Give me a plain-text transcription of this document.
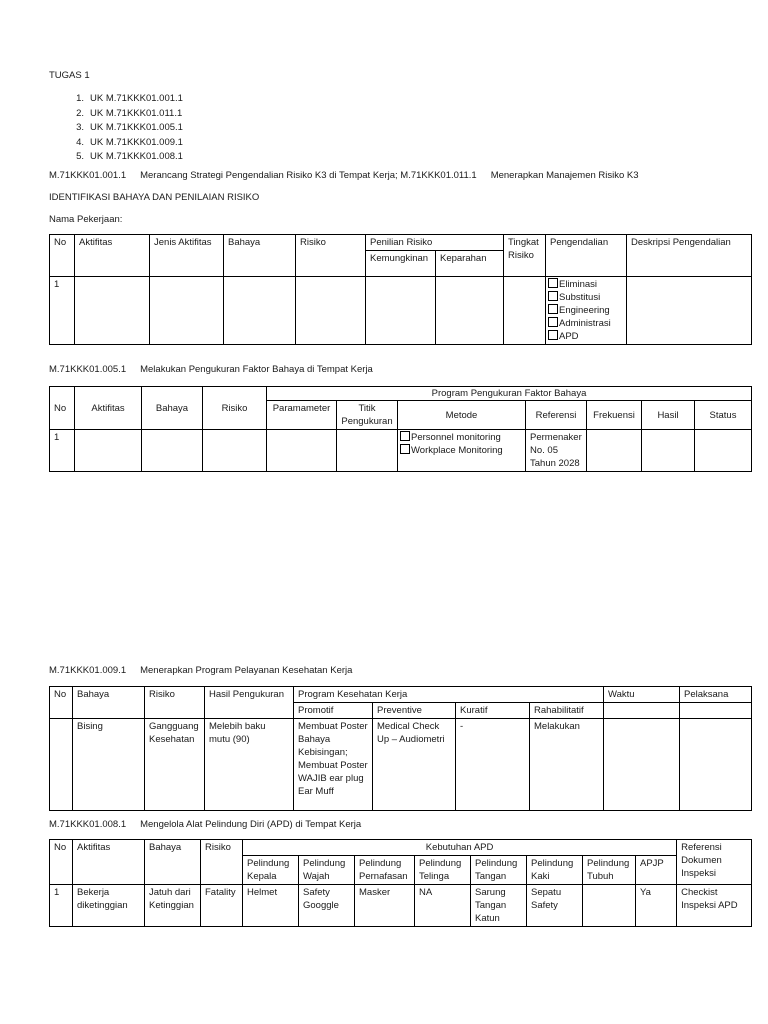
TUGAS 1
1. UK M.71KKK01.001.1
2. UK M.71KKK01.011.1
3. UK M.71KKK01.005.1
4. UK M.71KKK01.009.1
5. UK M.71KKK01.008.1
M.71KKK01.001.1 Merancang Strategi Pengendalian Risiko K3 di Tempat Kerja; M.71KKK01.011.1 Menerapkan Manajemen Risiko K3
IDENTIFIKASI BAHAYA DAN PENILAIAN RISIKO
Nama Pekerjaan:
No	Aktifitas	Jenis Aktifitas	Bahaya	Risiko	Penilian Risiko		Tingkat Risiko	Pengendalian	Deskripsi Pengendalian
					Kemungkinan	Keparahan			
1								Eliminasi
Substitusi
Engineering
Administrasi
APD	

M.71KKK01.005.1 Melakukan Pengukuran Faktor Bahaya di Tempat Kerja
No	Aktifitas	Bahaya	Risiko	Program Pengukuran Faktor Bahaya						
				Paramameter	Titik Pengukuran	Metode	Referensi	Frekuensi	Hasil	Status
1						Personnel monitoring
Workplace Monitoring	Permenaker No. 05 Tahun 2028			
M.71KKK01.009.1 Menerapkan Program Pelayanan Kesehatan Kerja
No	Bahaya	Risiko	Hasil Pengukuran	Program Kesehatan Kerja				Waktu	Pelaksana
				Promotif	Preventive	Kuratif	Rahabilitatif		
	Bising	Gangguang Kesehatan	Melebih baku mutu (90)	Membuat Poster Bahaya Kebisingan; Membuat Poster WAJIB ear plug Ear Muff	Medical Check Up – Audiometri	-	Melakukan		
M.71KKK01.008.1 Mengelola Alat Pelindung Diri (APD) di Tempat Kerja
No	Aktifitas	Bahaya	Risiko	Kebutuhan APD								Referensi Dokumen Inspeksi
				Pelindung Kepala	Pelindung Wajah	Pelindung Pernafasan	Pelindung Telinga	Pelindung Tangan	Pelindung Kaki	Pelindung Tubuh	APJP	
1	Bekerja diketinggian	Jatuh dari Ketinggian	Fatality	Helmet	Safety Googgle	Masker	NA	Sarung Tangan Katun	Sepatu Safety		Ya	Checkist Inspeksi APD
